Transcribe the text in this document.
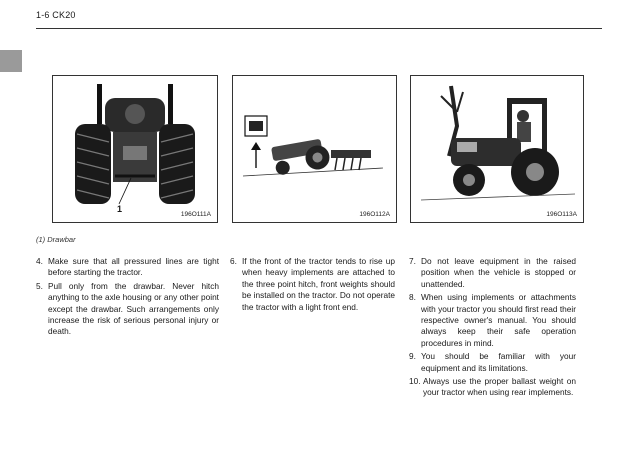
1-6 CK20
1
196O111A	196O112A	196O113A
(1) Drawbar
4. Make sure that all pressured lines are tight before starting the tractor.
5. Pull only from the drawbar. Never hitch anything to the axle housing or any other point except the drawbar. Such arrangements only increase the risk of serious personal injury or death.
6. If the front of the tractor tends to rise up when heavy implements are attached to the three point hitch, front weights should be installed on the tractor. Do not operate the tractor with a light front end.
7. Do not leave equipment in the raised position when the vehicle is stopped or unattended.
8. When using implements or attachments with your tractor you should first read their respective owner's manual. You should always keep their safe operation procedures in mind.
9. You should be familiar with your equipment and its limitations.
10. Always use the proper ballast weight on your tractor when using rear implements.
